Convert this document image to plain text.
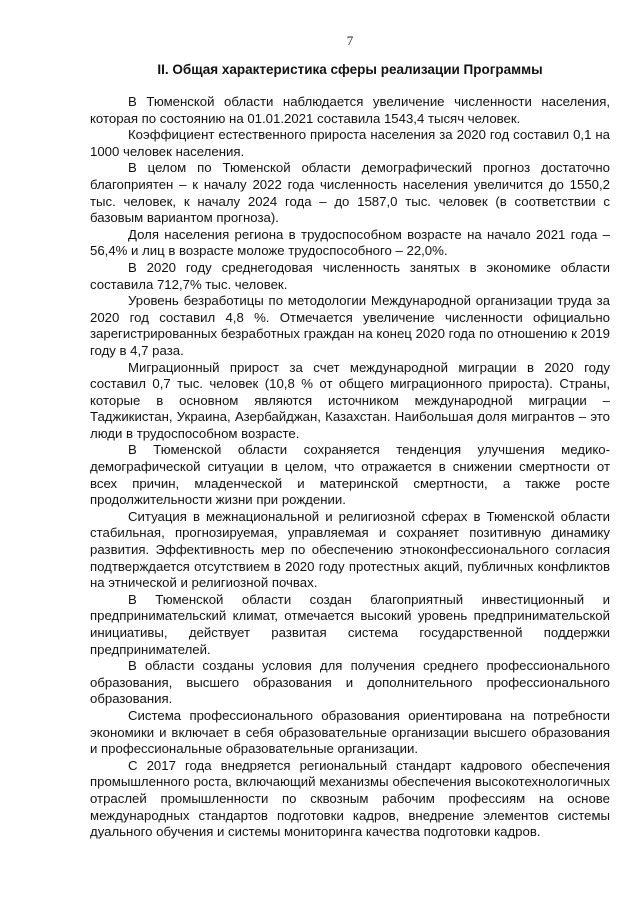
7
II. Общая характеристика сферы реализации Программы

В Тюменской области наблюдается увеличение численности населения, которая по состоянию на 01.01.2021 составила 1543,4 тысяч человек.

Коэффициент естественного прироста населения за 2020 год составил 0,1 на 1000 человек населения.

В целом по Тюменской области демографический прогноз достаточно благоприятен – к началу 2022 года численность населения увеличится до 1550,2 тыс. человек, к началу 2024 года – до 1587,0 тыс. человек (в соответствии с базовым вариантом прогноза).

Доля населения региона в трудоспособном возрасте на начало 2021 года – 56,4% и лиц в возрасте моложе трудоспособного – 22,0%.

В 2020 году среднегодовая численность занятых в экономике области составила 712,7% тыс. человек.

Уровень безработицы по методологии Международной организации труда за 2020 год составил 4,8 %. Отмечается увеличение численности официально зарегистрированных безработных граждан на конец 2020 года по отношению к 2019 году в 4,7 раза.

Миграционный прирост за счет международной миграции в 2020 году составил 0,7 тыс. человек (10,8 % от общего миграционного прироста). Страны, которые в основном являются источником международной миграции – Таджикистан, Украина, Азербайджан, Казахстан. Наибольшая доля мигрантов – это люди в трудоспособном возрасте.

В Тюменской области сохраняется тенденция улучшения медико-демографической ситуации в целом, что отражается в снижении смертности от всех причин, младенческой и материнской смертности, а также росте продолжительности жизни при рождении.

Ситуация в межнациональной и религиозной сферах в Тюменской области стабильная, прогнозируемая, управляемая и сохраняет позитивную динамику развития. Эффективность мер по обеспечению этноконфессионального согласия подтверждается отсутствием в 2020 году протестных акций, публичных конфликтов на этнической и религиозной почвах.

В Тюменской области создан благоприятный инвестиционный и предпринимательский климат, отмечается высокий уровень предпринимательской инициативы, действует развитая система государственной поддержки предпринимателей.

В области созданы условия для получения среднего профессионального образования, высшего образования и дополнительного профессионального образования.

Система профессионального образования ориентирована на потребности экономики и включает в себя образовательные организации высшего образования и профессиональные образовательные организации.

С 2017 года внедряется региональный стандарт кадрового обеспечения промышленного роста, включающий механизмы обеспечения высокотехнологичных отраслей промышленности по сквозным рабочим профессиям на основе международных стандартов подготовки кадров, внедрение элементов системы дуального обучения и системы мониторинга качества подготовки кадров.
